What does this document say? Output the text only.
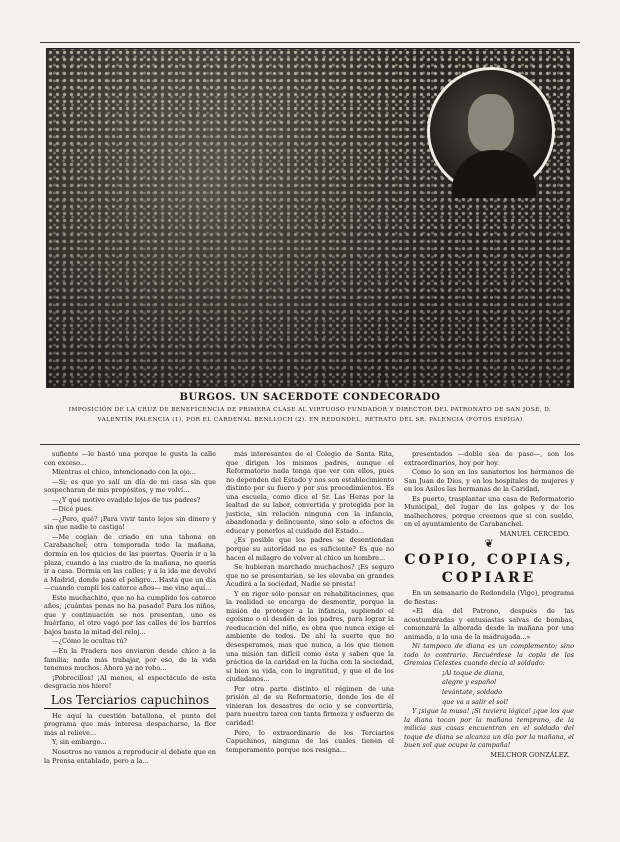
BURGOS. UN SACERDOTE CONDECORADO
IMPOSICIÓN DE LA CRUZ DE BENEFICENCIA DE PRIMERA CLASE AL VIRTUOSO FUNDADOR Y DIRECTOR DEL PATRONATO DE SAN JOSÉ, D. VALENTÍN PALENCIA (1), POR EL CARDENAL BENLLOCH (2). EN REDONDEL, RETRATO DEL SR. PALENCIA (FOTOS ESPIGA)

sufiente —le bastó una porque le gusta la calle con exceso...

Mientras el chico, intencionado con la ojo...

—Si; es que yo salí un día de mi casa sin que sospecharan de mis propósitos, y me volví...

—¿Y qué motivo evadido lejos de tus padres?

—Dicé pues.

—¿Pero, qué? ¡Para vivir tanto lejos sin dinero y sin que nadie te castiga!

—Me cogían de criado en una tahona en Carabanchel; otra temporada todo la mañana, dormía en los quicios de las puertas. Quería ir a la plaza, cuando a las cuatro de la mañana, no quería ir a casa. Dormía en las calles; y a la ida me devolví a Madrid, donde pasé el peligro... Hasta que un día —cuando cumplí los catorce años— me vine aquí...

Este muchachito, que no ha cumplido los catorce años, ¡cuántas penas no ha pasado! Para los niños, que y continuación se nos presentan, uno es huérfano, el otro vagó por las calles de los barrios bajos hasta la mitad del reloj...

—¿Cómo le ocultas tú?

—En la Pradera nos enviaron desde chico a la familia; nada más trabajar, por eso, de la vida tenemos muchos. Ahora ya no robo...

¡Pobrecillos! ¡Al menos, el espectáculo de esta desgracia nos hiere!

Los Terciarios capuchinos

He aquí la cuestión batallona, el punto del programa que más interesa despacharse, la flor más al relieve...

Y, sin embargo...

Nosotros no vamos a reproducir el debate que en la Prensa entablado, pero a la...

más interesantes de el Colegio de Santa Rita, que dirigen los mismos padres, aunque el Reformatorio nada tenga que ver con ellos, pues no dependen del Estado y nos son establecimiento distinto por su fuero y por sus procedimientos. Es una escuela, como dice el Sr. Las Heras por la lealtad de su labor, convertida y protegida por la justicia, sin relación ninguna con la infancia, abandonada y delincuente, sino solo a efectos de educar y ponerlos al cuidado del Estado...

¿Es posible que los padres se desentiendan porque su autoridad no es suficiente? Es que no hacen el milagro de volver al chico un hombre...

Se hubieran marchado muchachos? ¡Es seguro que no se presentarían, se les elevaba en grandes Acudirá a la sociedad, Nadie se presta!

Y en rigor sólo pensar en rehabilitaciones, que la realidad se encarga de desmentir, porque la misión de proteger a la infancia, supliendo el egoísmo o el desdén de los padres, para lograr la reeducación del niño, es obra que nunca exige el ambiente de todos. De ahí la suerte que no desesperamos, mas que nunca, a los que tienen una misión tan difícil como ésta y saben que la práctica de la caridad en la lucha con la sociedad, si bien su vida, con lo ingratitud, y que el de los ciudadanos...

Por otra parte distinto el régimen de una prisión al de su Reformatorio, donde los de él vinieran los desastres de ocio y se convertiría, para nuestra tarea con tanta firmeza y esfuerzo de caridad!

Pero, lo extraordinario de los Terciarios Capuchinos, ninguna de las cuales tienen el temperamento porque nos resigna...

presentados —doble sea de paso—, son los extraordinarios, hoy por hoy.

Como lo son en los sanatorios los hermanos de San Juan de Dios, y en los hospitales de mujeres y en los Asilos las hermanas de la Caridad.

Es puerto, trasplantar una casa de Reformatorio Municipal, del lugar de las golpes y de los malhechores, porque creemos que si con sueldo, en el ayuntamiento de Carabanchel.

MANUEL CERCEDO.

❦
COPIO, COPIAS, COPIARE

En un semanario de Redondela (Vigo), programa de fiestas:

«El día del Patrono, después de las acostumbradas y entusiastas salvas de bombas, comenzará la alborada desde la mañana por una animada, a la una de la madrugada...»

Ni tampoco de diana es un complemento; sino todo lo contrario. Recuérdese la copla de los Gremios Celestes cuando decía al soldado:

¡Al toque de diana,

alegre y español

levántate, soldado

que va a salir el sol!

Y ¡sigue la musa! ¡Si tuviera lógica! ¡que los que la diana tocan por la mañana temprano, de la milicia sus casas encuentran en el soldado del toque de diana se alcanza un día por la mañana, el buen sol que ocupa la campaña!

MELCHOR GONZÁLEZ.
